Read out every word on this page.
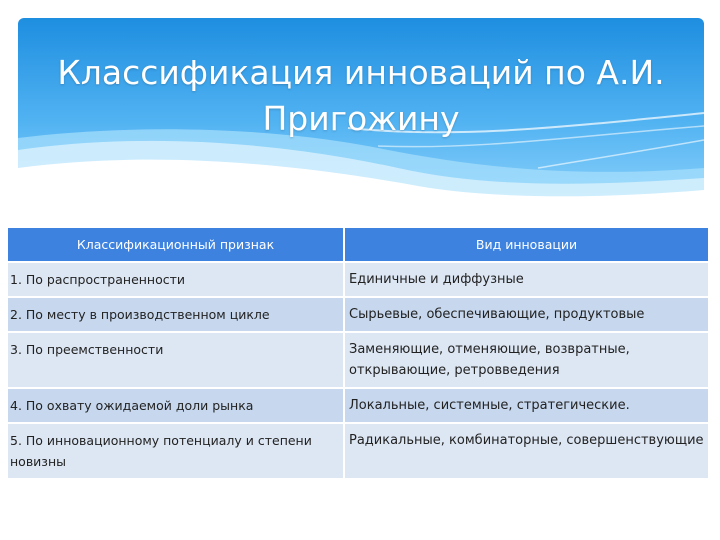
Классификация инноваций по А.И.
Пригожину
Классификационный признак	Вид инновации
1. По распространенности	Единичные и диффузные
2. По месту в производственном цикле	Сырьевые, обеспечивающие, продуктовые
3. По преемственности	Заменяющие, отменяющие, возвратные, открывающие, ретровведения
4. По охвату ожидаемой доли рынка	Локальные, системные, стратегические.
5. По инновационному потенциалу и степени новизны	Радикальные, комбинаторные, совершенствующие
